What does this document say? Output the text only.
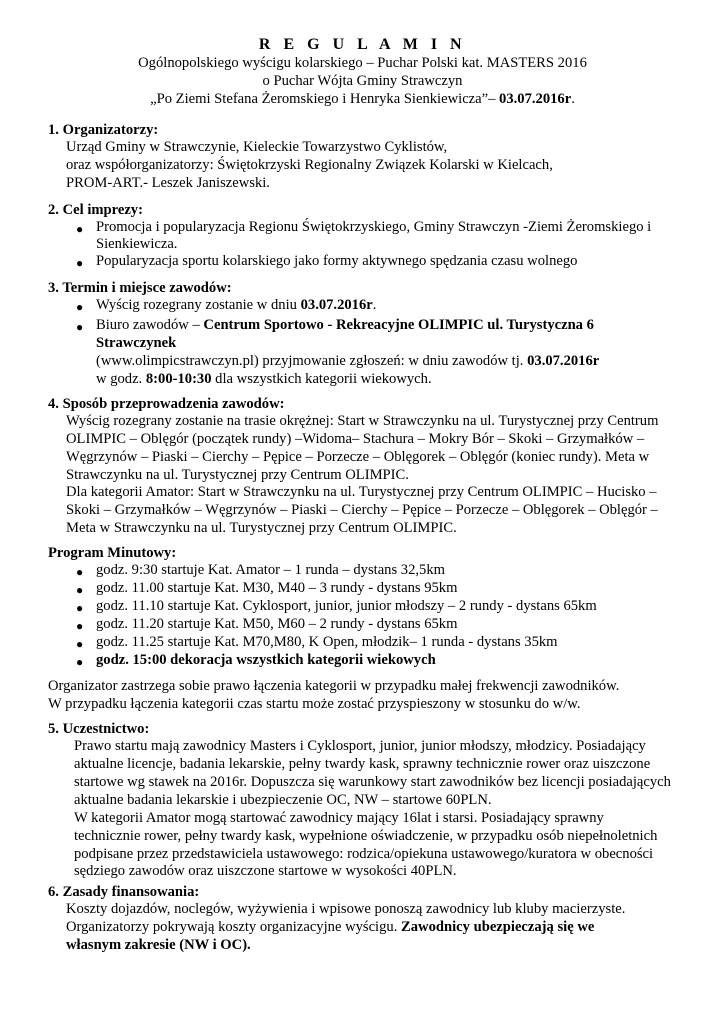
R E G U L A M I N
Ogólnopolskiego wyścigu kolarskiego – Puchar Polski kat. MASTERS 2016
o Puchar Wójta Gminy Strawczyn
„Po Ziemi Stefana Żeromskiego i Henryka Sienkiewicza”– 03.07.2016r.
1. Organizatorzy:
Urząd Gminy w Strawczynie, Kieleckie Towarzystwo Cyklistów,
oraz współorganizatorzy: Świętokrzyski Regionalny Związek Kolarski w Kielcach,
PROM-ART.- Leszek Janiszewski.
2. Cel imprezy:
● Promocja i popularyzacja Regionu Świętokrzyskiego, Gminy Strawczyn -Ziemi Żeromskiego i
Sienkiewicza.
● Popularyzacja sportu kolarskiego jako formy aktywnego spędzania czasu wolnego
3. Termin i miejsce zawodów:
● Wyścig rozegrany zostanie w dniu 03.07.2016r.
● Biuro zawodów – Centrum Sportowo - Rekreacyjne OLIMPIC ul. Turystyczna 6
Strawczynek
(www.olimpicstrawczyn.pl) przyjmowanie zgłoszeń: w dniu zawodów tj. 03.07.2016r
w godz. 8:00-10:30 dla wszystkich kategorii wiekowych.
4. Sposób przeprowadzenia zawodów:
Wyścig rozegrany zostanie na trasie okrężnej: Start w Strawczynku na ul. Turystycznej przy Centrum
OLIMPIC – Oblęgór (początek rundy) –Widoma– Stachura – Mokry Bór – Skoki – Grzymałków –
Węgrzynów – Piaski – Cierchy – Pępice – Porzecze – Oblęgorek – Oblęgór (koniec rundy). Meta w
Strawczynku na ul. Turystycznej przy Centrum OLIMPIC.
Dla kategorii Amator: Start w Strawczynku na ul. Turystycznej przy Centrum OLIMPIC – Hucisko –
Skoki – Grzymałków – Węgrzynów – Piaski – Cierchy – Pępice – Porzecze – Oblęgorek – Oblęgór –
Meta w Strawczynku na ul. Turystycznej przy Centrum OLIMPIC.
Program Minutowy:
● godz. 9:30 startuje Kat. Amator – 1 runda – dystans 32,5km
● godz. 11.00 startuje Kat. M30, M40 – 3 rundy - dystans 95km
● godz. 11.10 startuje Kat. Cyklosport, junior, junior młodszy – 2 rundy - dystans 65km
● godz. 11.20 startuje Kat. M50, M60 – 2 rundy - dystans 65km
● godz. 11.25 startuje Kat. M70,M80, K Open, młodzik– 1 runda - dystans 35km
● godz. 15:00 dekoracja wszystkich kategorii wiekowych
Organizator zastrzega sobie prawo łączenia kategorii w przypadku małej frekwencji zawodników.
W przypadku łączenia kategorii czas startu może zostać przyspieszony w stosunku do w/w.
5. Uczestnictwo:
Prawo startu mają zawodnicy Masters i Cyklosport, junior, junior młodszy, młodzicy. Posiadający
aktualne licencje, badania lekarskie, pełny twardy kask, sprawny technicznie rower oraz uiszczone
startowe wg stawek na 2016r. Dopuszcza się warunkowy start zawodników bez licencji posiadających
aktualne badania lekarskie i ubezpieczenie OC, NW – startowe 60PLN.
W kategorii Amator mogą startować zawodnicy mający 16lat i starsi. Posiadający sprawny
technicznie rower, pełny twardy kask, wypełnione oświadczenie, w przypadku osób niepełnoletnich
podpisane przez przedstawiciela ustawowego: rodzica/opiekuna ustawowego/kuratora w obecności
sędziego zawodów oraz uiszczone startowe w wysokości 40PLN.
6. Zasady finansowania:
Koszty dojazdów, noclegów, wyżywienia i wpisowe ponoszą zawodnicy lub kluby macierzyste.
Organizatorzy pokrywają koszty organizacyjne wyścigu. Zawodnicy ubezpieczają się we
własnym zakresie (NW i OC).
